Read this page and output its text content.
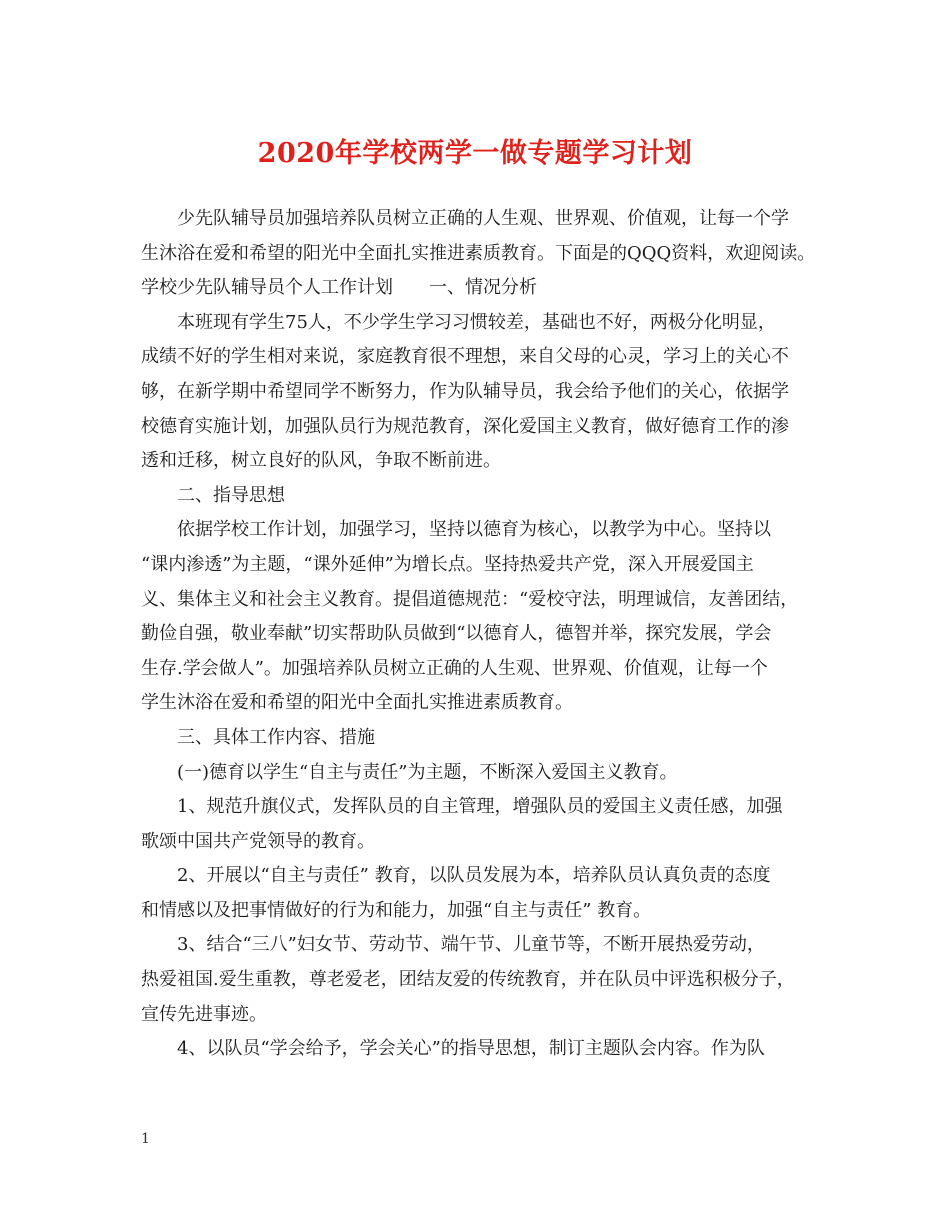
2020年学校两学一做专题学习计划
少先队辅导员加强培养队员树立正确的人生观、世界观、价值观，让每一个学
生沐浴在爱和希望的阳光中全面扎实推进素质教育。下面是的QQQ资料，欢迎阅读。
学校少先队辅导员个人工作计划　　一、情况分析
本班现有学生75人，不少学生学习习惯较差，基础也不好，两极分化明显，
成绩不好的学生相对来说，家庭教育很不理想，来自父母的心灵，学习上的关心不
够，在新学期中希望同学不断努力，作为队辅导员，我会给予他们的关心，依据学
校德育实施计划，加强队员行为规范教育，深化爱国主义教育，做好德育工作的渗
透和迁移，树立良好的队风，争取不断前进。
二、指导思想
依据学校工作计划，加强学习，坚持以德育为核心，以教学为中心。坚持以
“课内渗透”为主题，“课外延伸”为增长点。坚持热爱共产党，深入开展爱国主
义、集体主义和社会主义教育。提倡道德规范：“爱校守法，明理诚信，友善团结，
勤俭自强，敬业奉献”切实帮助队员做到“以德育人，德智并举，探究发展，学会
生存.学会做人”。加强培养队员树立正确的人生观、世界观、价值观，让每一个
学生沐浴在爱和希望的阳光中全面扎实推进素质教育。
三、具体工作内容、措施
(一)德育以学生“自主与责任”为主题，不断深入爱国主义教育。
1、规范升旗仪式，发挥队员的自主管理，增强队员的爱国主义责任感，加强
歌颂中国共产党领导的教育。
2、开展以“自主与责任” 教育，以队员发展为本，培养队员认真负责的态度
和情感以及把事情做好的行为和能力，加强“自主与责任” 教育。
3、结合“三八”妇女节、劳动节、端午节、儿童节等，不断开展热爱劳动，
热爱祖国.爱生重教，尊老爱老，团结友爱的传统教育，并在队员中评选积极分子，
宣传先进事迹。
4、以队员“学会给予，学会关心”的指导思想，制订主题队会内容。作为队
1
